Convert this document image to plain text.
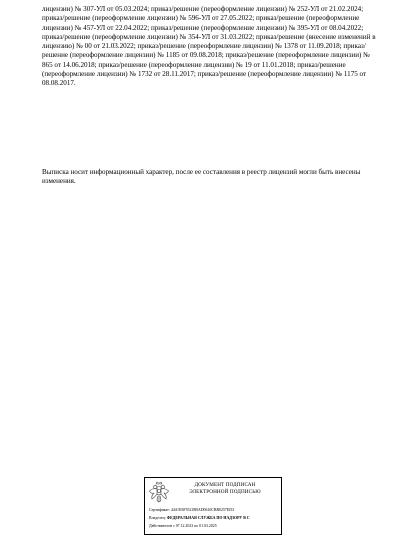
лицензии) № 307-УЛ от 05.03.2024; приказ/решение (переоформление лицензии) № 252-УЛ от 21.02.2024; приказ/решение (переоформление лицензии) № 596-УЛ от 27.05.2022; приказ/решение (переоформление лицензии) № 457-УЛ от 22.04.2022; приказ/решение (переоформление лицензии) № 395-УЛ от 08.04.2022; приказ/решение (переоформление лицензии) № 354-УЛ от 31.03.2022; приказ/решение (внесение изменений в лицензию) № 00 от 21.03.2022; приказ/решение (переоформление лицензии) № 1378 от 11.09.2018; приказ/решение (переоформление лицензии) № 1185 от 09.08.2018; приказ/решение (переоформление лицензии) № 865 от 14.06.2018; приказ/решение (переоформление лицензии) № 19 от 11.01.2018; приказ/решение (переоформление лицензии) № 1732 от 28.11.2017; приказ/решение (переоформление лицензии) № 1175 от 08.08.2017.

Выписка носит информационный характер, после ее составления в реестр лицензий могли быть внесены изменения.

ДОКУМЕНТ ПОДПИСАН
ЭЛЕКТРОННОЙ ПОДПИСЬЮ
Сертификат: 44A393F55218BAD0610CBB0257ED3
Владелец: ФЕДЕРАЛЬНАЯ СЛУЖБА ПО НАДЗОРУ В С
Действителен с 07.12.2023 по 01.03.2025
